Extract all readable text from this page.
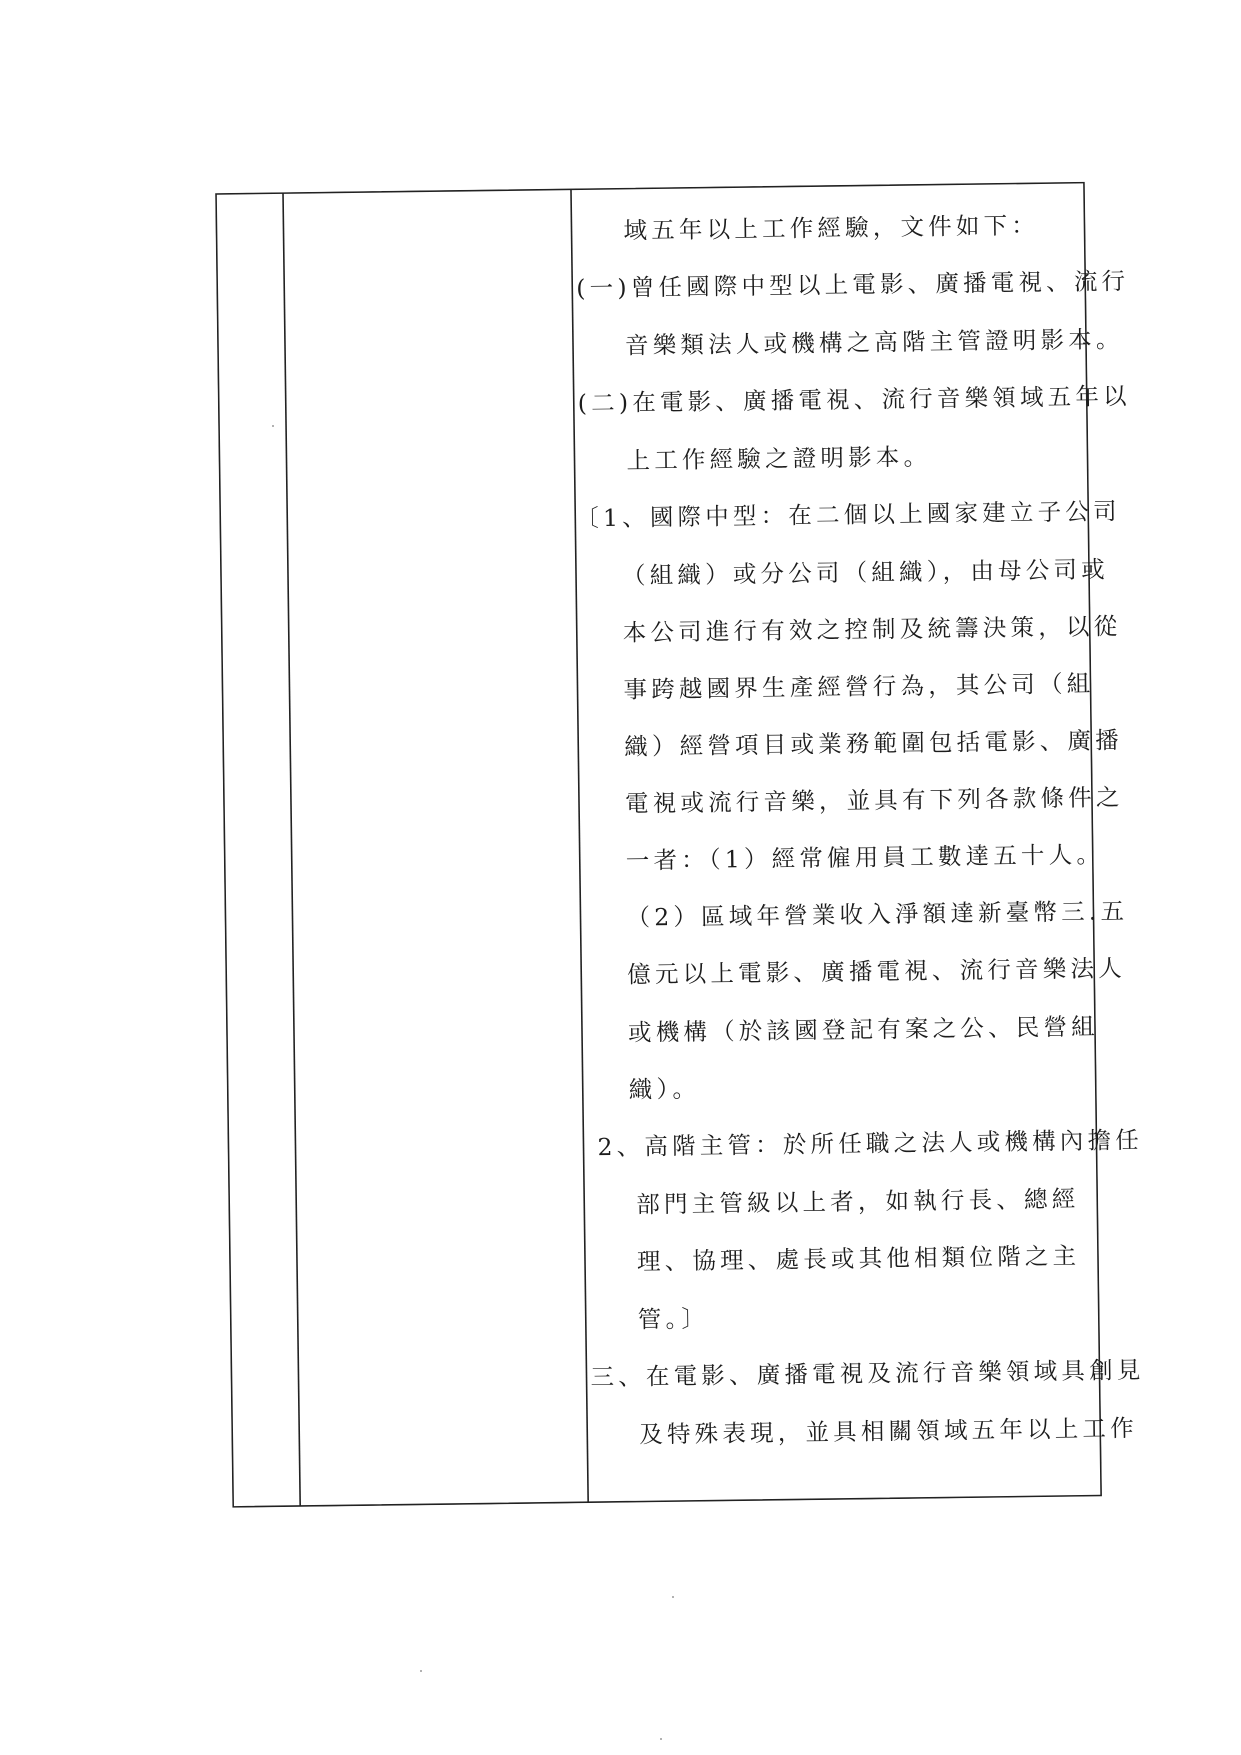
域五年以上工作經驗，文件如下：
(一)曾任國際中型以上電影、廣播電視、流行
音樂類法人或機構之高階主管證明影本。
(二)在電影、廣播電視、流行音樂領域五年以
上工作經驗之證明影本。
〔1、國際中型：在二個以上國家建立子公司
（組織）或分公司（組織），由母公司或
本公司進行有效之控制及統籌決策，以從
事跨越國界生產經營行為，其公司（組
織）經營項目或業務範圍包括電影、廣播
電視或流行音樂，並具有下列各款條件之
一者：（1）經常僱用員工數達五十人。
（2）區域年營業收入淨額達新臺幣三.五
億元以上電影、廣播電視、流行音樂法人
或機構（於該國登記有案之公、民營組
織）。
2、高階主管：於所任職之法人或機構內擔任
部門主管級以上者，如執行長、總經
理、協理、處長或其他相類位階之主
管。〕
三、在電影、廣播電視及流行音樂領域具創見
及特殊表現，並具相關領域五年以上工作
